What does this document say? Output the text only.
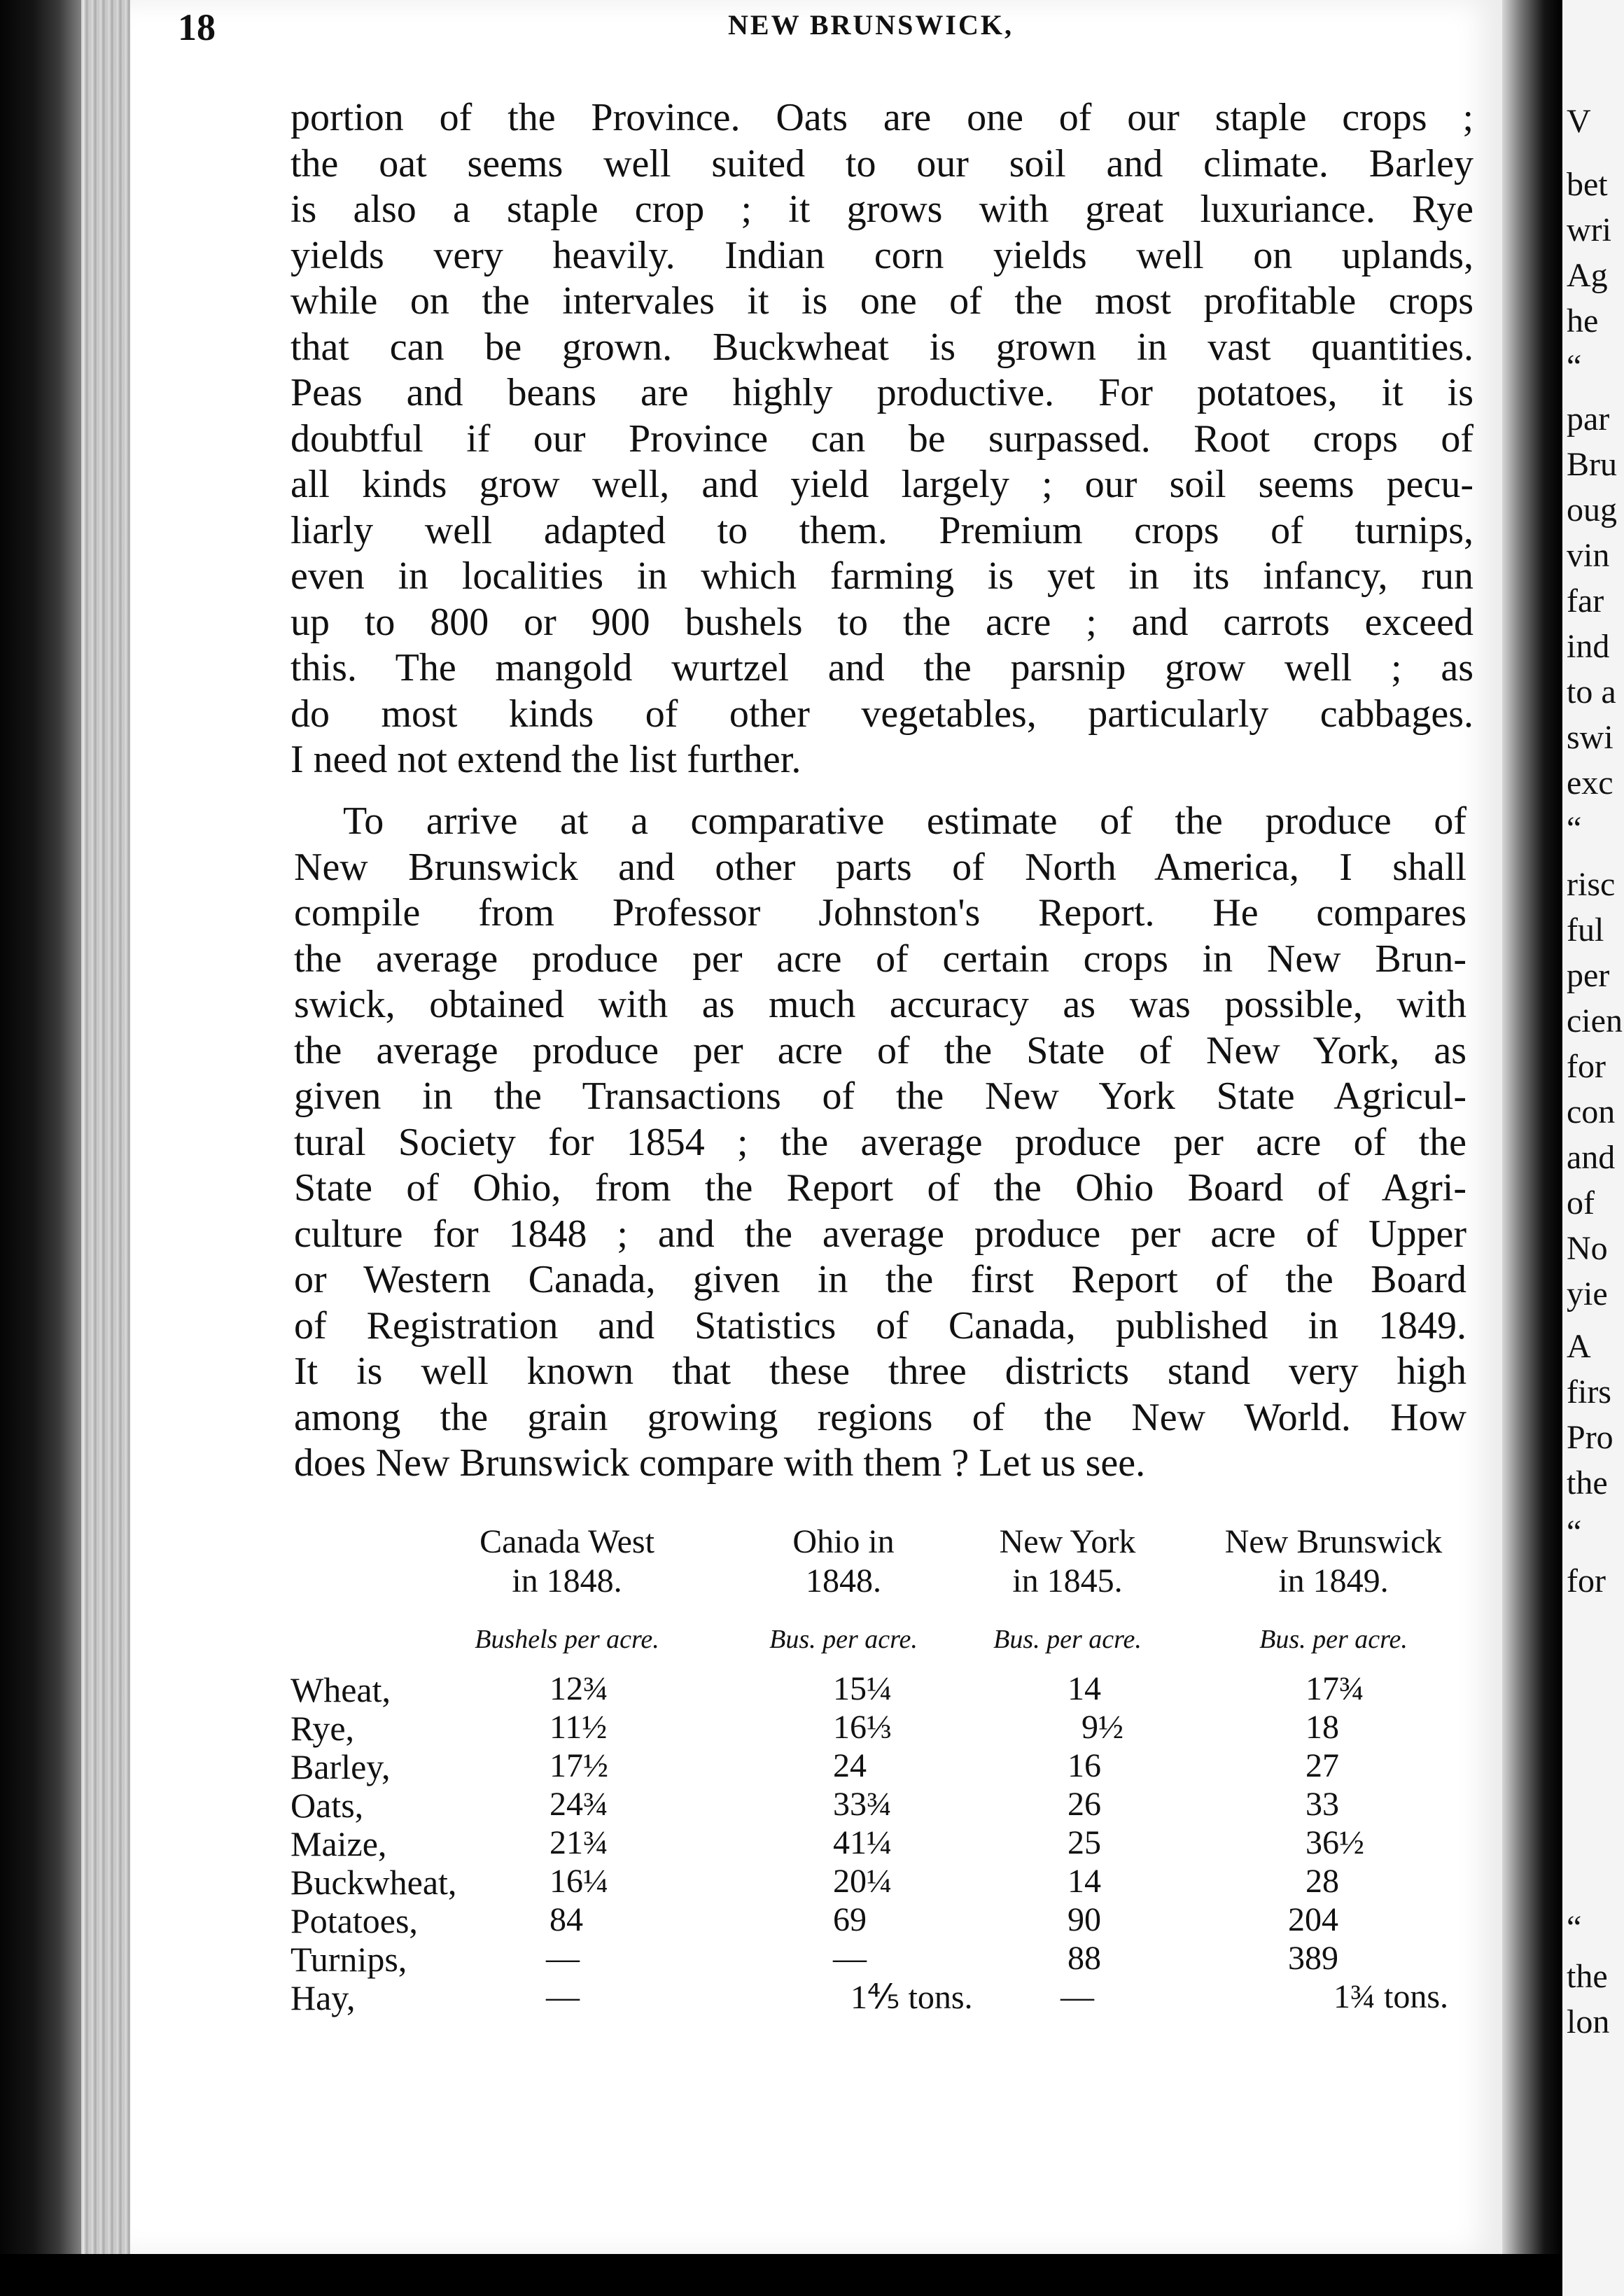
V
bet
wri
Ag
he
“
par
Bru
oug
vin
far
ind
to a
swi
exc
“
risc
ful
per
cien
for
con
and
of
No
yie
A
firs
Pro
the
“
for
“
the
lon
18	NEW BRUNSWICK,
portion of the Province. Oats are one of our staple crops ;
the oat seems well suited to our soil and climate. Barley
is also a staple crop ; it grows with great luxuriance. Rye
yields very heavily. Indian corn yields well on uplands,
while on the intervales it is one of the most profitable crops
that can be grown. Buckwheat is grown in vast quantities.
Peas and beans are highly productive. For potatoes, it is
doubtful if our Province can be surpassed. Root crops of
all kinds grow well, and yield largely ; our soil seems pecu-
liarly well adapted to them. Premium crops of turnips,
even in localities in which farming is yet in its infancy, run
up to 800 or 900 bushels to the acre ; and carrots exceed
this. The mangold wurtzel and the parsnip grow well ; as
do most kinds of other vegetables, particularly cabbages.
I need not extend the list further.
To arrive at a comparative estimate of the produce of
New Brunswick and other parts of North America, I shall
compile from Professor Johnston's Report. He compares
the average produce per acre of certain crops in New Brun-
swick, obtained with as much accuracy as was possible, with
the average produce per acre of the State of New York, as
given in the Transactions of the New York State Agricul-
tural Society for 1854 ; the average produce per acre of the
State of Ohio, from the Report of the Ohio Board of Agri-
culture for 1848 ; and the average produce per acre of Upper
or Western Canada, given in the first Report of the Board
of Registration and Statistics of Canada, published in 1849.
It is well known that these three districts stand very high
among the grain growing regions of the New World. How
does New Brunswick compare with them ? Let us see.
Canada West
in 1848.
Ohio in
1848.
New York
in 1845.
New Brunswick
in 1849.
Bushels per acre.	Bus. per acre.	Bus. per acre.	Bus. per acre.
Wheat,	12¾	15¼	14	17¾
Rye,	11½	16⅓	9½	18
Barley,	17½	24	16	27
Oats,	24¾	33¾	26	33
Maize,	21¾	41¼	25	36½
Buckwheat,	16¼	20¼	14	28
Potatoes,	84	69	90	204
Turnips,	—	—	88	389
Hay,	—	1⅘ tons.	—	1¾ tons.
